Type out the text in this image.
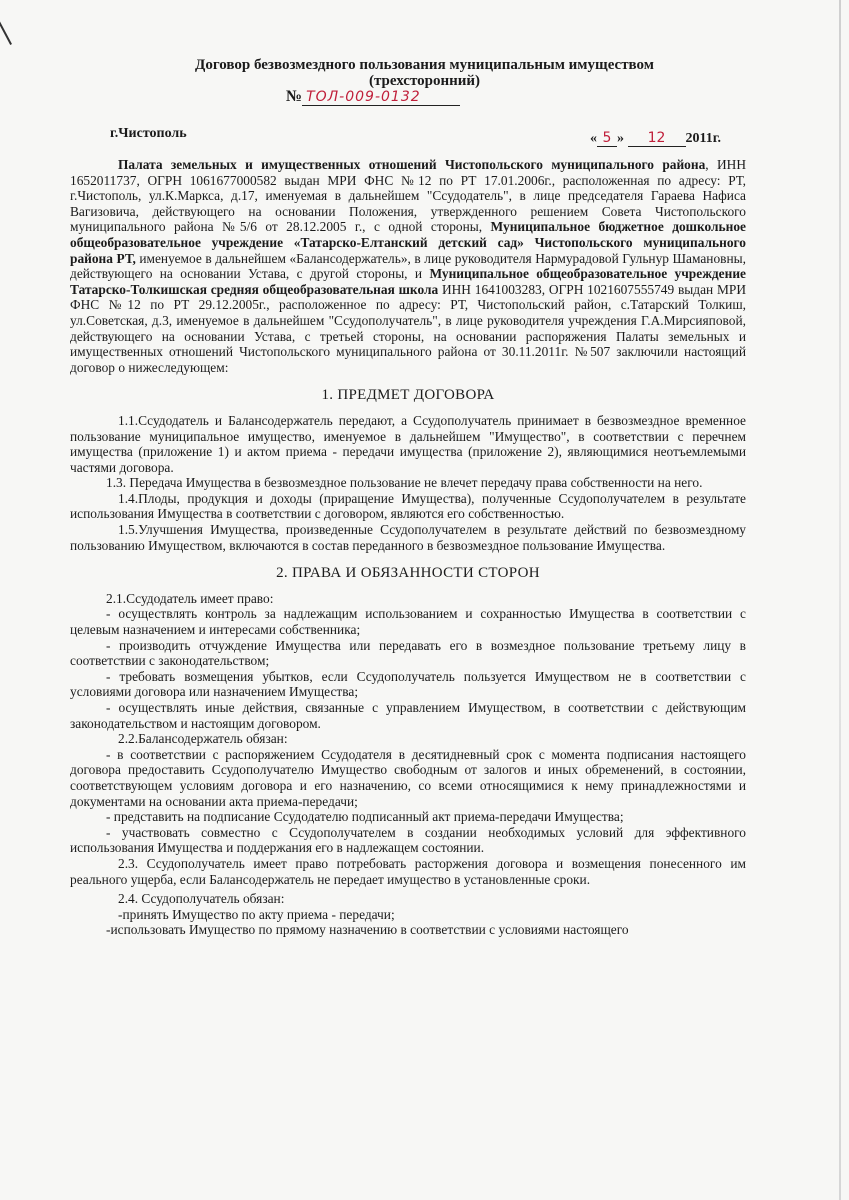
Договор безвозмездного пользования муниципальным имуществом
(трехсторонний)
№ ТОЛ-009-0132
г.Чистополь	« 5 » 12 2011г.

Палата земельных и имущественных отношений Чистопольского муниципального района, ИНН 1652011737, ОГРН 1061677000582 выдан МРИ ФНС №12 по РТ 17.01.2006г., расположенная по адресу: РТ, г.Чистополь, ул.К.Маркса, д.17, именуемая в дальнейшем "Ссудодатель", в лице председателя Гараева Нафиса Вагизовича, действующего на основании Положения, утвержденного решением Совета Чистопольского муниципального района №5/6 от 28.12.2005 г., с одной стороны, Муниципальное бюджетное дошкольное общеобразовательное учреждение «Татарско-Елтанский детский сад» Чистопольского муниципального района РТ, именуемое в дальнейшем «Балансодержатель», в лице руководителя Нармурадовой Гульнур Шамановны, действующего на основании Устава, с другой стороны, и Муниципальное общеобразовательное учреждение Татарско-Толкишская средняя общеобразовательная школа ИНН 1641003283, ОГРН 1021607555749 выдан МРИ ФНС №12 по РТ 29.12.2005г., расположенное по адресу: РТ, Чистопольский район, с.Татарский Толкиш, ул.Советская, д.3, именуемое в дальнейшем "Ссудополучатель", в лице руководителя учреждения Г.А.Мирсияповой, действующего на основании Устава, с третьей стороны, на основании распоряжения Палаты земельных и имущественных отношений Чистопольского муниципального района от 30.11.2011г. №507 заключили настоящий договор о нижеследующем:

1. ПРЕДМЕТ ДОГОВОРА

1.1.Ссудодатель и Балансодержатель передают, а Ссудополучатель принимает в безвозмездное временное пользование муниципальное имущество, именуемое в дальнейшем "Имущество", в соответствии с перечнем имущества (приложение 1) и актом приема - передачи имущества (приложение 2), являющимися неотъемлемыми частями договора.

1.3. Передача Имущества в безвозмездное пользование не влечет передачу права собственности на него.

1.4.Плоды, продукция и доходы (приращение Имущества), полученные Ссудополучателем в результате использования Имущества в соответствии с договором, являются его собственностью.

1.5.Улучшения Имущества, произведенные Ссудополучателем в результате действий по безвозмездному пользованию Имуществом, включаются в состав переданного в безвозмездное пользование Имущества.

2. ПРАВА И ОБЯЗАННОСТИ СТОРОН

2.1.Ссудодатель имеет право:

- осуществлять контроль за надлежащим использованием и сохранностью Имущества в соответствии с целевым назначением и интересами собственника;

- производить отчуждение Имущества или передавать его в возмездное пользование третьему лицу в соответствии с законодательством;

- требовать возмещения убытков, если Ссудополучатель пользуется Имуществом не в соответствии с условиями договора или назначением Имущества;

- осуществлять иные действия, связанные с управлением Имуществом, в соответствии с действующим законодательством и настоящим договором.

2.2.Балансодержатель обязан:

- в соответствии с распоряжением Ссудодателя в десятидневный срок с момента подписания настоящего договора предоставить Ссудополучателю Имущество свободным от залогов и иных обременений, в состоянии, соответствующем условиям договора и его назначению, со всеми относящимися к нему принадлежностями и документами на основании акта приема-передачи;

- представить на подписание Ссудодателю подписанный акт приема-передачи Имущества;

- участвовать совместно с Ссудополучателем в создании необходимых условий для эффективного использования Имущества и поддержания его в надлежащем состоянии.

2.3. Ссудополучатель имеет право потребовать расторжения договора и возмещения понесенного им реального ущерба, если Балансодержатель не передает имущество в установленные сроки.

2.4. Ссудополучатель обязан:

-принять Имущество по акту приема - передачи;

-использовать Имущество по прямому назначению в соответствии с условиями настоящего
